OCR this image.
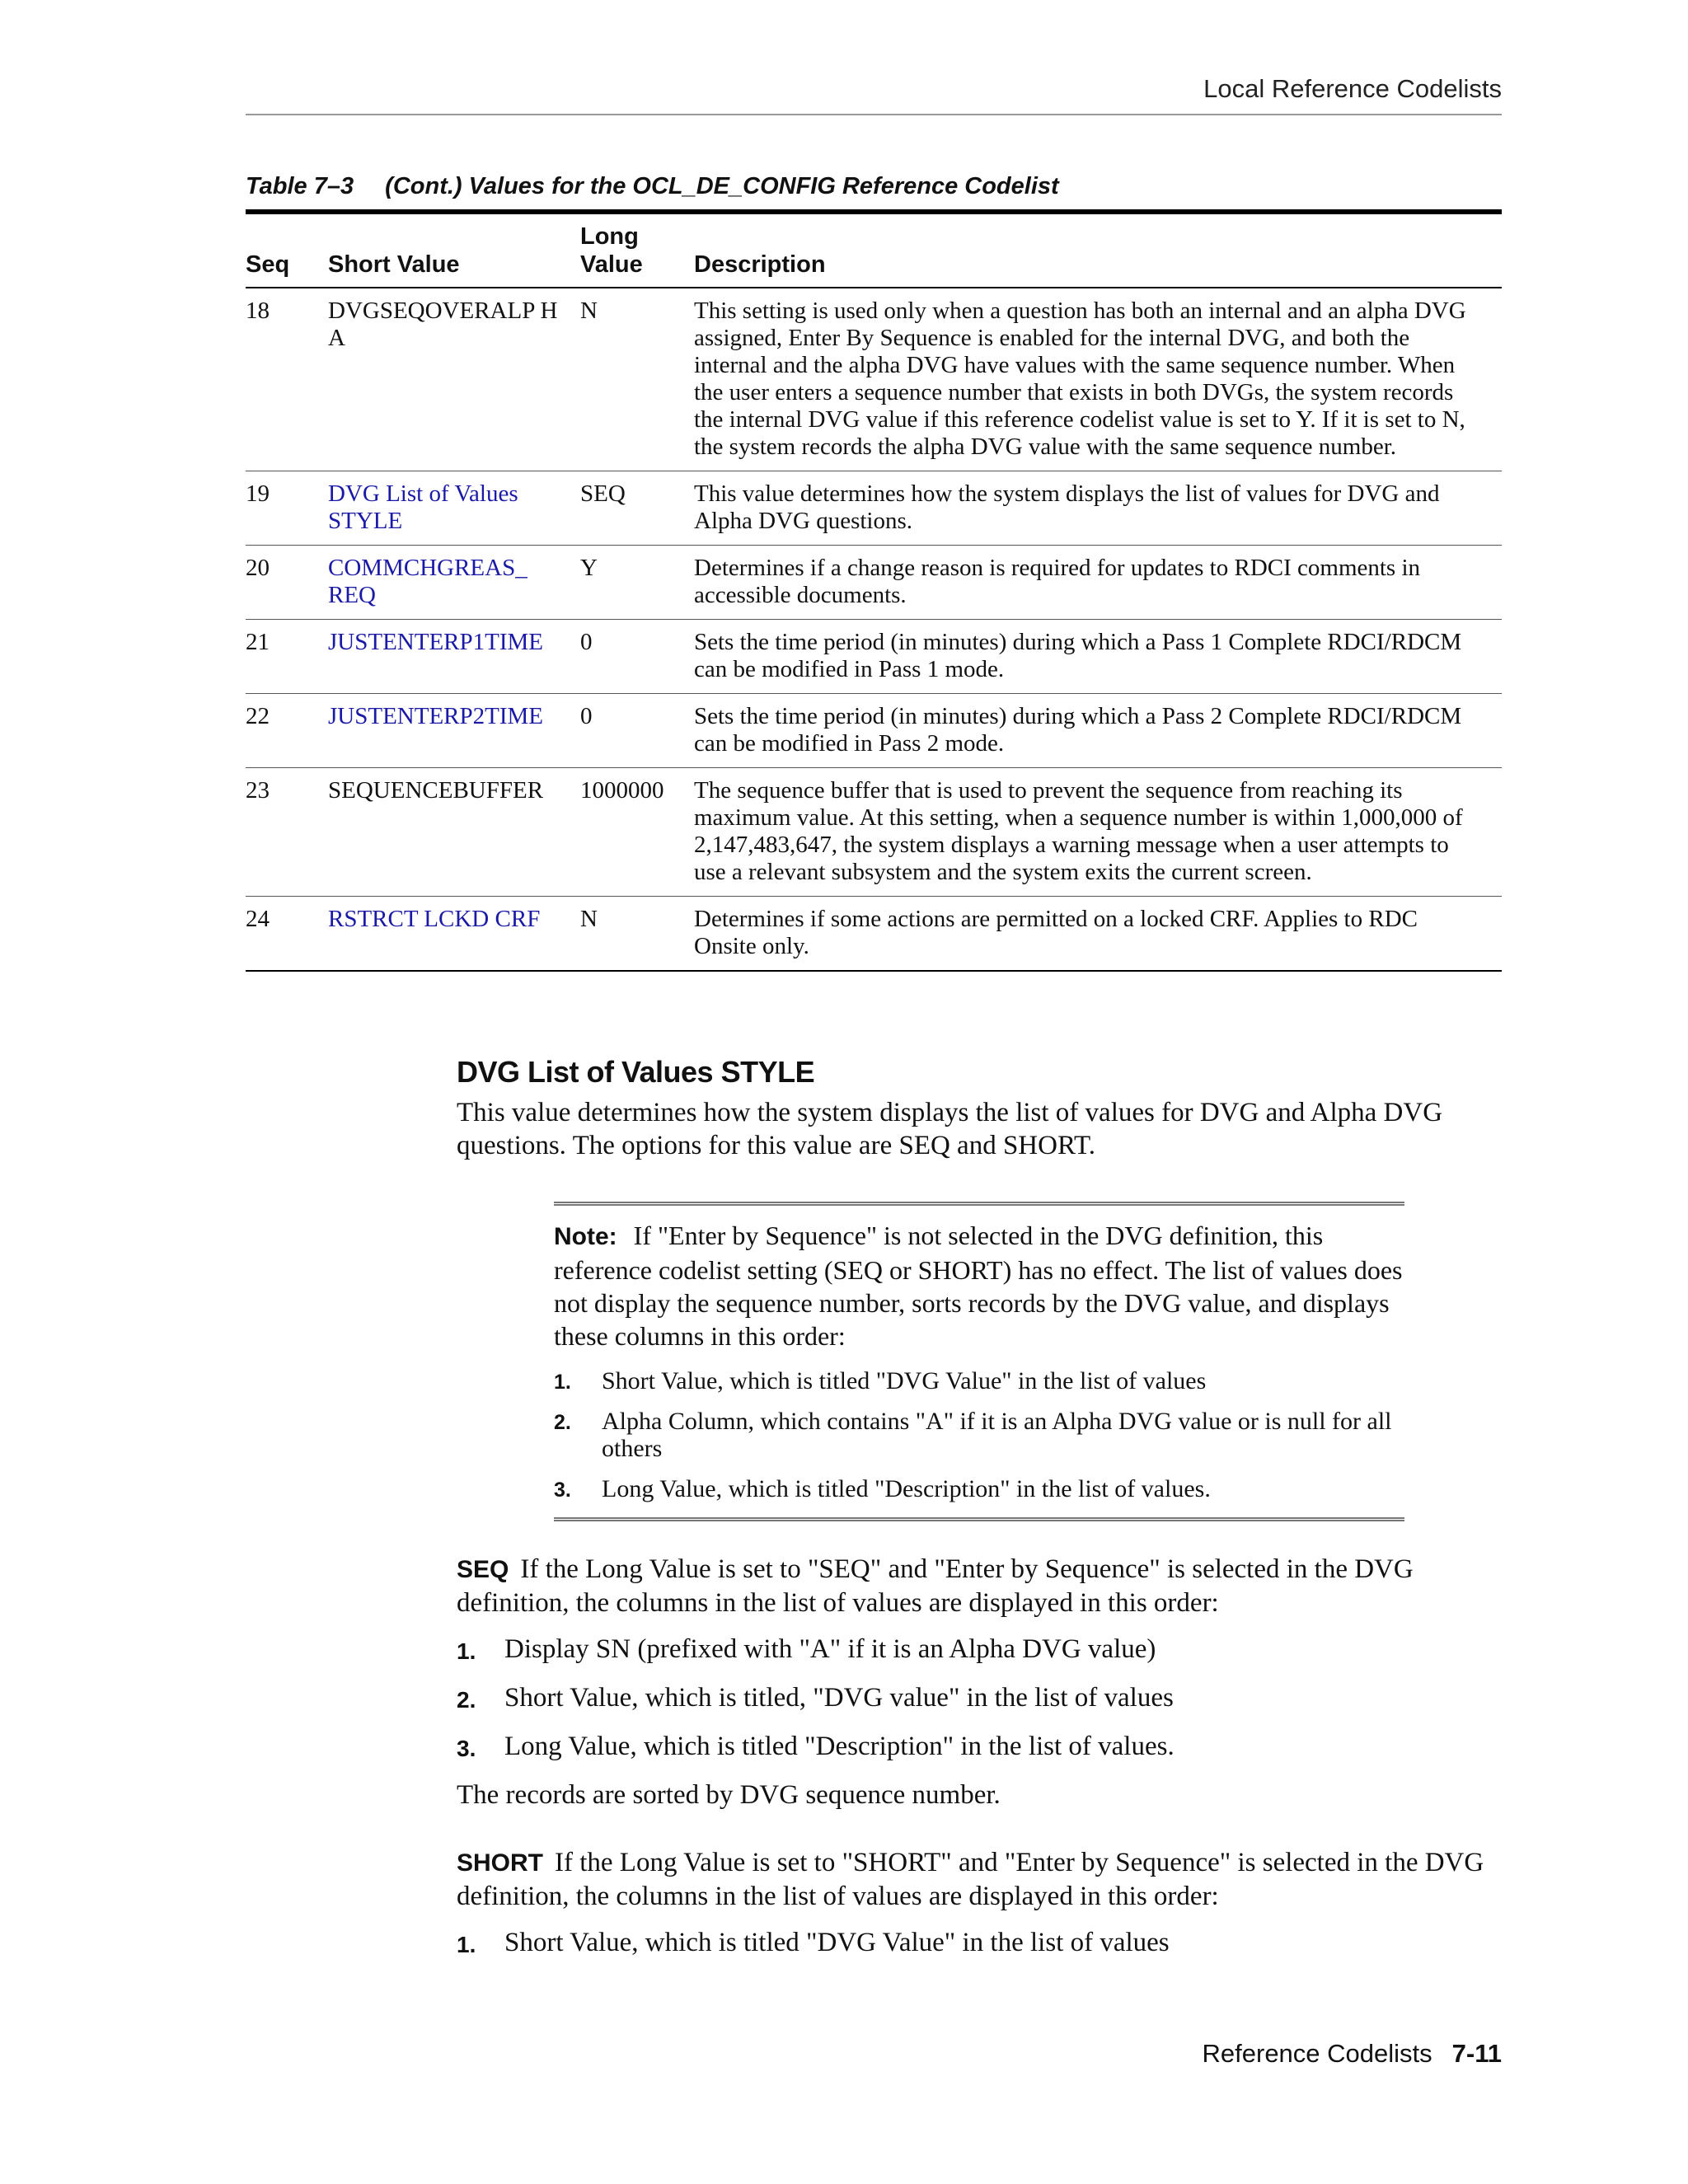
Local Reference Codelists
Table 7–3 (Cont.) Values for the OCL_DE_CONFIG Reference Codelist
Seq	Short Value	Long Value	Description
18	DVGSEQOVERALP HA	N	This setting is used only when a question has both an internal and an alpha DVG assigned, Enter By Sequence is enabled for the internal DVG, and both the internal and the alpha DVG have values with the same sequence number. When the user enters a sequence number that exists in both DVGs, the system records the internal DVG value if this reference codelist value is set to Y. If it is set to N, the system records the alpha DVG value with the same sequence number.
19	DVG List of Values STYLE	SEQ	This value determines how the system displays the list of values for DVG and Alpha DVG questions.
20	COMMCHGREAS_ REQ	Y	Determines if a change reason is required for updates to RDCI comments in accessible documents.
21	JUSTENTERP1TIME	0	Sets the time period (in minutes) during which a Pass 1 Complete RDCI/RDCM can be modified in Pass 1 mode.
22	JUSTENTERP2TIME	0	Sets the time period (in minutes) during which a Pass 2 Complete RDCI/RDCM can be modified in Pass 2 mode.
23	SEQUENCEBUFFER	1000000	The sequence buffer that is used to prevent the sequence from reaching its maximum value. At this setting, when a sequence number is within 1,000,000 of 2,147,483,647, the system displays a warning message when a user attempts to use a relevant subsystem and the system exits the current screen.
24	RSTRCT LCKD CRF	N	Determines if some actions are permitted on a locked CRF. Applies to RDC Onsite only.
DVG List of Values STYLE

This value determines how the system displays the list of values for DVG and Alpha DVG questions. The options for this value are SEQ and SHORT.

Note: If "Enter by Sequence" is not selected in the DVG definition, this reference codelist setting (SEQ or SHORT) has no effect. The list of values does not display the sequence number, sorts records by the DVG value, and displays these columns in this order:

1. Short Value, which is titled "DVG Value" in the list of values
2. Alpha Column, which contains "A" if it is an Alpha DVG value or is null for all others
3. Long Value, which is titled "Description" in the list of values.

SEQ If the Long Value is set to "SEQ" and "Enter by Sequence" is selected in the DVG definition, the columns in the list of values are displayed in this order:

1. Display SN (prefixed with "A" if it is an Alpha DVG value)
2. Short Value, which is titled, "DVG value" in the list of values
3. Long Value, which is titled "Description" in the list of values.

The records are sorted by DVG sequence number.

SHORT If the Long Value is set to "SHORT" and "Enter by Sequence" is selected in the DVG definition, the columns in the list of values are displayed in this order:

1. Short Value, which is titled "DVG Value" in the list of values
Reference Codelists 7-11
